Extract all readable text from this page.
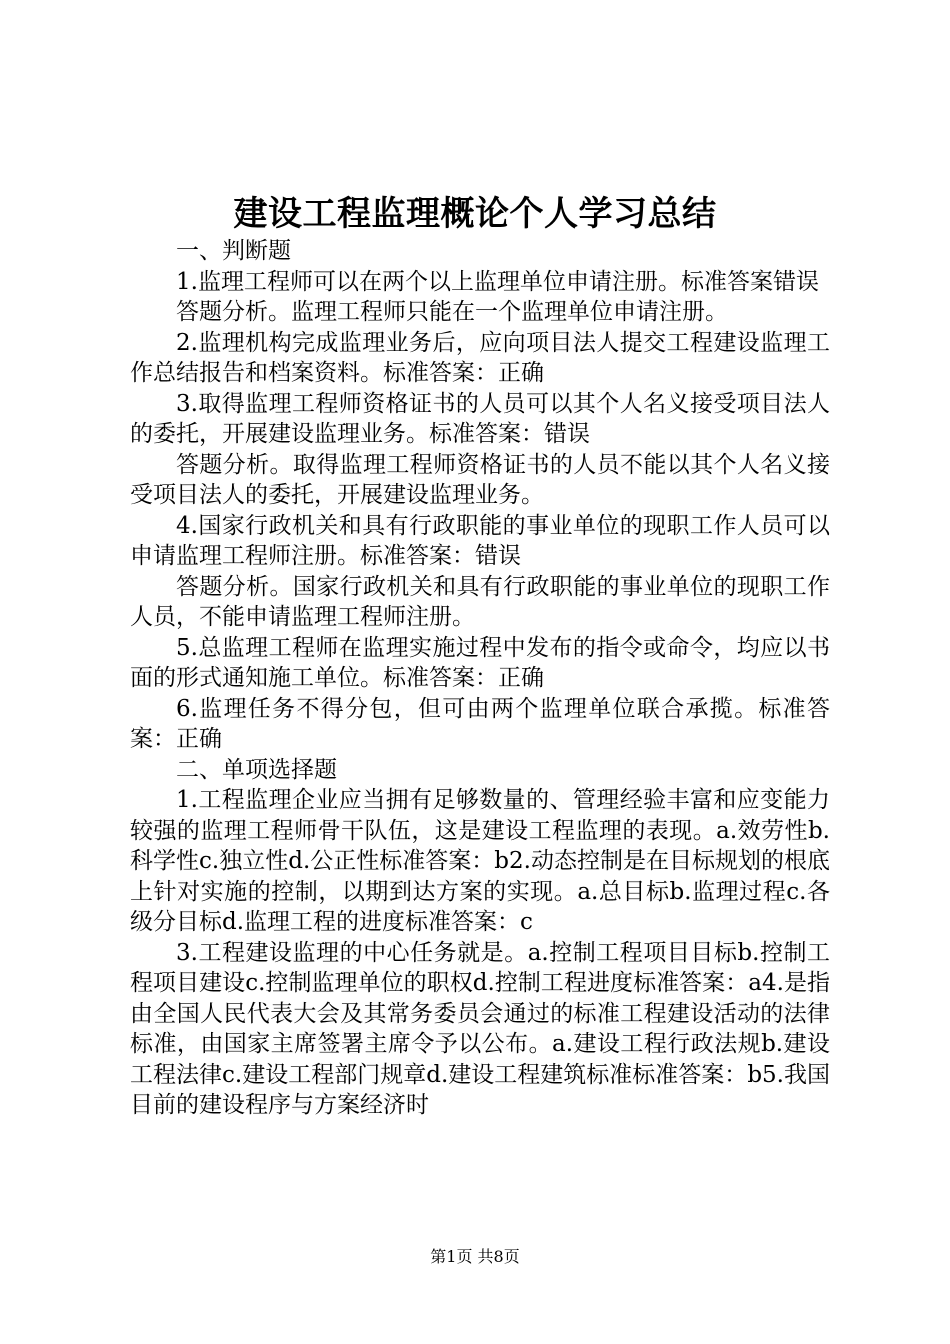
建设工程监理概论个人学习总结

一、判断题

1.监理工程师可以在两个以上监理单位申请注册。标准答案错误

答题分析。监理工程师只能在一个监理单位申请注册。

2.监理机构完成监理业务后，应向项目法人提交工程建设监理工作总结报告和档案资料。标准答案：正确

3.取得监理工程师资格证书的人员可以其个人名义接受项目法人的委托，开展建设监理业务。标准答案：错误

答题分析。取得监理工程师资格证书的人员不能以其个人名义接受项目法人的委托，开展建设监理业务。

4.国家行政机关和具有行政职能的事业单位的现职工作人员可以申请监理工程师注册。标准答案：错误

答题分析。国家行政机关和具有行政职能的事业单位的现职工作人员，不能申请监理工程师注册。

5.总监理工程师在监理实施过程中发布的指令或命令，均应以书面的形式通知施工单位。标准答案：正确

6.监理任务不得分包，但可由两个监理单位联合承揽。标准答案：正确

二、单项选择题

1.工程监理企业应当拥有足够数量的、管理经验丰富和应变能力较强的监理工程师骨干队伍，这是建设工程监理的表现。a.效劳性b.科学性c.独立性d.公正性标准答案：b2.动态控制是在目标规划的根底上针对实施的控制，以期到达方案的实现。a.总目标b.监理过程c.各级分目标d.监理工程的进度标准答案：c

3.工程建设监理的中心任务就是。a.控制工程项目目标b.控制工程项目建设c.控制监理单位的职权d.控制工程进度标准答案：a4.是指由全国人民代表大会及其常务委员会通过的标准工程建设活动的法律标准，由国家主席签署主席令予以公布。a.建设工程行政法规b.建设工程法律c.建设工程部门规章d.建设工程建筑标准标准答案：b5.我国目前的建设程序与方案经济时

第1页 共8页
